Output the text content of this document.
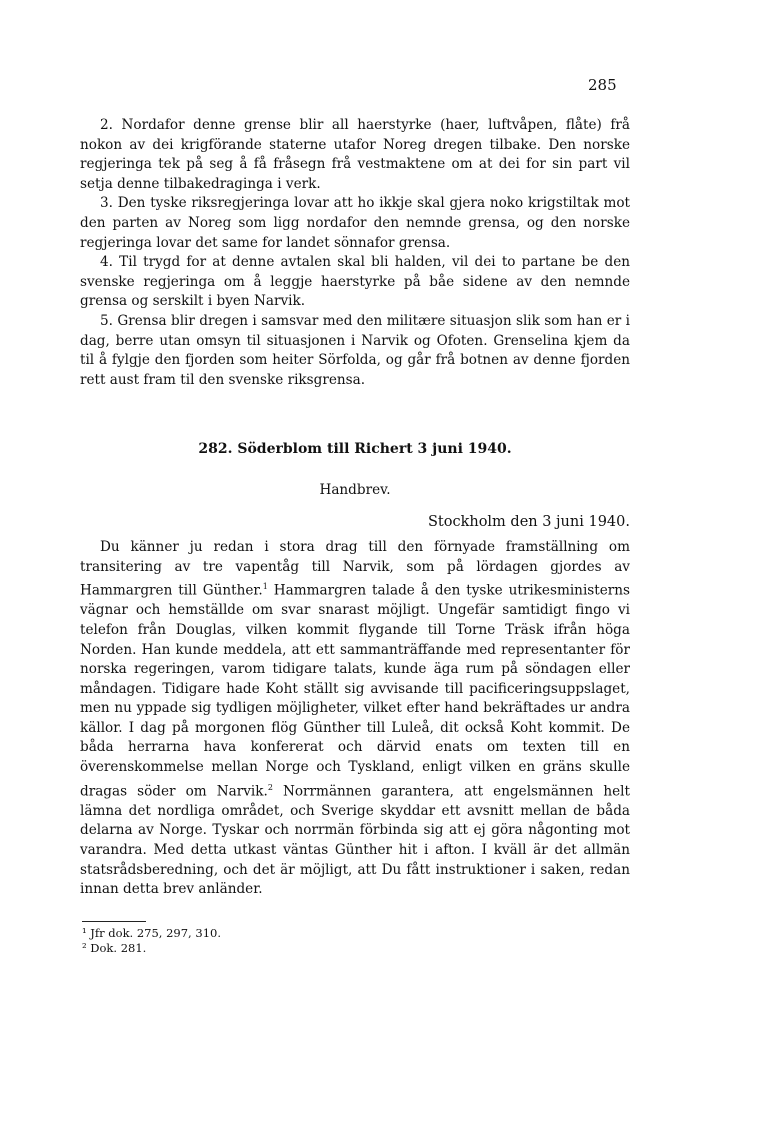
285

2. Nordafor denne grense blir all haerstyrke (haer, luftvåpen, flåte) frå nokon av dei krigförande staterne utafor Noreg dregen tilbake. Den norske regjeringa tek på seg å få fråsegn frå vestmaktene om at dei for sin part vil setja denne tilbakedraginga i verk.

3. Den tyske riksregjeringa lovar att ho ikkje skal gjera noko krigstiltak mot den parten av Noreg som ligg nordafor den nemnde grensa, og den norske regjeringa lovar det same for landet sönnafor grensa.

4. Til trygd for at denne avtalen skal bli halden, vil dei to partane be den svenske regjeringa om å leggje haerstyrke på båe sidene av den nemnde grensa og serskilt i byen Narvik.

5. Grensa blir dregen i samsvar med den militære situasjon slik som han er i dag, berre utan omsyn til situasjonen i Narvik og Ofoten. Grenselina kjem da til å fylgje den fjorden som heiter Sörfolda, og går frå botnen av denne fjorden rett aust fram til den svenske riksgrensa.

282. Söderblom till Richert 3 juni 1940.
Handbrev.
Stockholm den 3 juni 1940.

Du känner ju redan i stora drag till den förnyade framställning om transitering av tre vapentåg till Narvik, som på lördagen gjordes av Hammargren till Günther.$^1$ Hammargren talade å den tyske utrikesministerns vägnar och hemställde om svar snarast möjligt. Ungefär samtidigt fingo vi telefon från Douglas, vilken kommit flygande till Torne Träsk ifrån höga Norden. Han kunde meddela, att ett sammanträffande med representanter för norska regeringen, varom tidigare talats, kunde äga rum på söndagen eller måndagen. Tidigare hade Koht ställt sig avvisande till pacificeringsuppslaget, men nu yppade sig tydligen möjligheter, vilket efter hand bekräftades ur andra källor. I dag på morgonen flög Günther till Luleå, dit också Koht kommit. De båda herrarna hava konfererat och därvid enats om texten till en överenskommelse mellan Norge och Tyskland, enligt vilken en gräns skulle dragas söder om Narvik.$^2$ Norrmännen garantera, att engelsmännen helt lämna det nordliga området, och Sverige skyddar ett avsnitt mellan de båda delarna av Norge. Tyskar och norrmän förbinda sig att ej göra någonting mot varandra. Med detta utkast väntas Günther hit i afton. I kväll är det allmän statsrådsberedning, och det är möjligt, att Du fått instruktioner i saken, redan innan detta brev anländer.

¹ Jfr dok. 275, 297, 310.
² Dok. 281.
